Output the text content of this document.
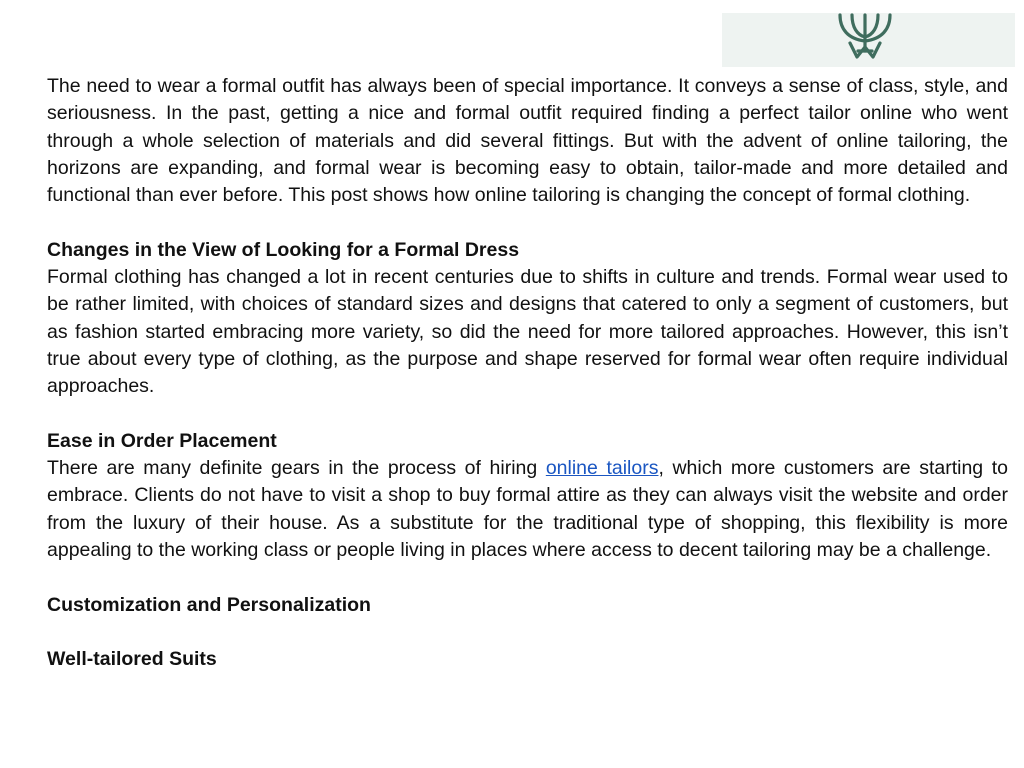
The need to wear a formal outfit has always been of special importance. It conveys a sense of class, style, and seriousness. In the past, getting a nice and formal outfit required finding a perfect tailor online who went through a whole selection of materials and did several fittings. But with the advent of online tailoring, the horizons are expanding, and formal wear is becoming easy to obtain, tailor-made and more detailed and functional than ever before. This post shows how online tailoring is changing the concept of formal clothing.

Changes in the View of Looking for a Formal Dress

Formal clothing has changed a lot in recent centuries due to shifts in culture and trends. Formal wear used to be rather limited, with choices of standard sizes and designs that catered to only a segment of customers, but as fashion started embracing more variety, so did the need for more tailored approaches. However, this isn’t true about every type of clothing, as the purpose and shape reserved for formal wear often require individual approaches.

Ease in Order Placement

There are many definite gears in the process of hiring online tailors, which more customers are starting to embrace. Clients do not have to visit a shop to buy formal attire as they can always visit the website and order from the luxury of their house. As a substitute for the traditional type of shopping, this flexibility is more appealing to the working class or people living in places where access to decent tailoring may be a challenge.

Customization and Personalization

Well-tailored Suits
